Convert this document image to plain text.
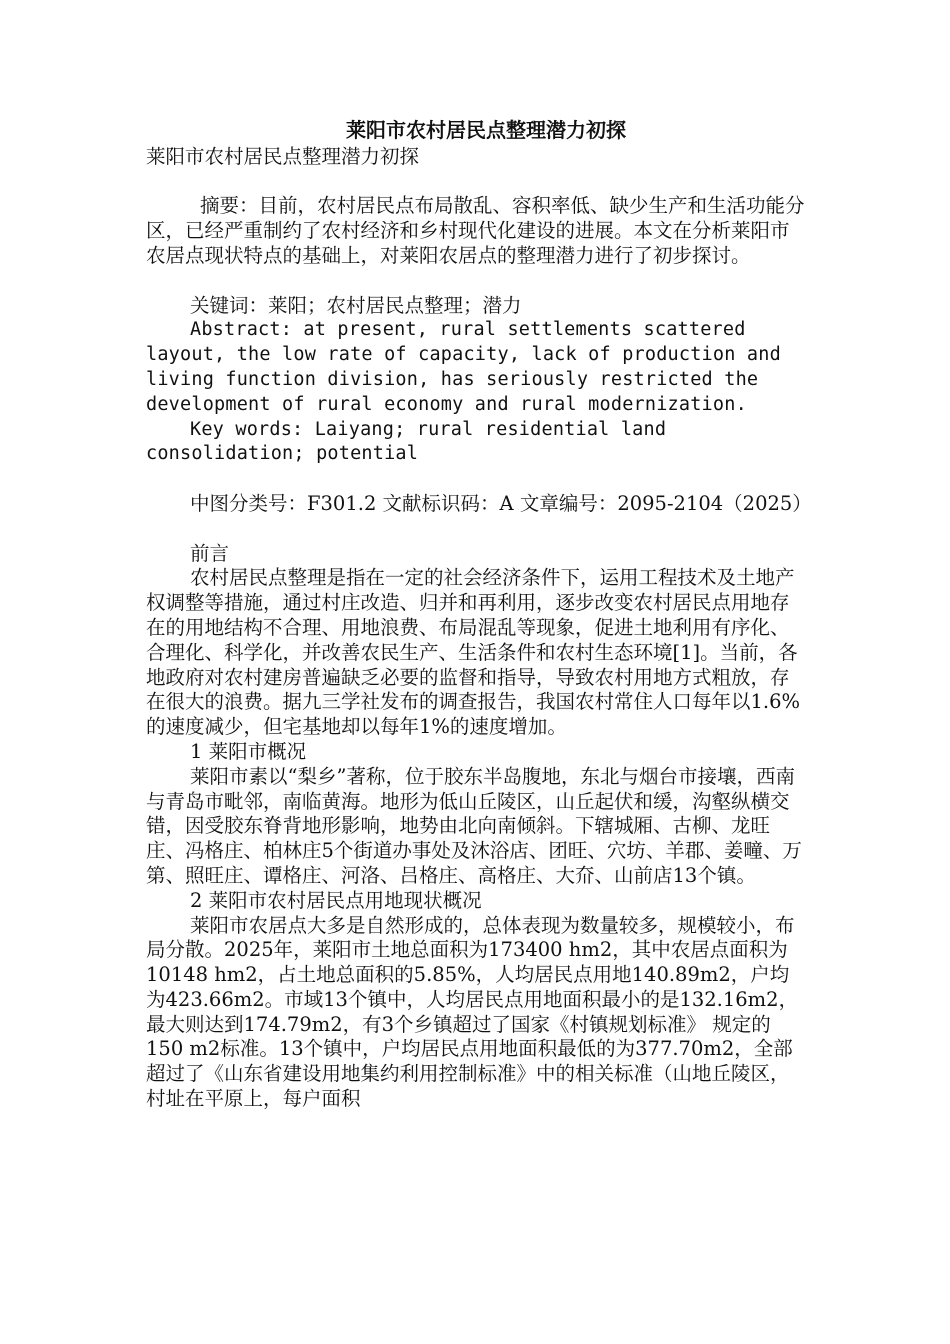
莱阳市农村居民点整理潜力初探

莱阳市农村居民点整理潜力初探

摘要：目前，农村居民点布局散乱、容积率低、缺少生产和生活功能分区，已经严重制约了农村经济和乡村现代化建设的进展。本文在分析莱阳市农居点现状特点的基础上，对莱阳农居点的整理潜力进行了初步探讨。

关键词：莱阳；农村居民点整理；潜力

Abstract: at present, rural settlements scattered layout, the low rate of capacity, lack of production and living function division, has seriously restricted the development of rural economy and rural modernization.

Key words: Laiyang; rural residential land consolidation; potential

中图分类号：F301.2 文献标识码：A 文章编号：2095-2104（2025）

前言

农村居民点整理是指在一定的社会经济条件下，运用工程技术及土地产权调整等措施，通过村庄改造、归并和再利用，逐步改变农村居民点用地存在的用地结构不合理、用地浪费、布局混乱等现象，促进土地利用有序化、合理化、科学化，并改善农民生产、生活条件和农村生态环境[1]。当前，各地政府对农村建房普遍缺乏必要的监督和指导，导致农村用地方式粗放，存在很大的浪费。据九三学社发布的调查报告，我国农村常住人口每年以1.6%的速度减少，但宅基地却以每年1%的速度增加。

1 莱阳市概况

莱阳市素以“梨乡”著称，位于胶东半岛腹地，东北与烟台市接壤，西南与青岛市毗邻，南临黄海。地形为低山丘陵区，山丘起伏和缓，沟壑纵横交错，因受胶东脊背地形影响，地势由北向南倾斜。下辖城厢、古柳、龙旺庄、冯格庄、柏林庄5个街道办事处及沐浴店、团旺、穴坊、羊郡、姜疃、万第、照旺庄、谭格庄、河洛、吕格庄、高格庄、大夼、山前店13个镇。

2 莱阳市农村居民点用地现状概况

莱阳市农居点大多是自然形成的，总体表现为数量较多，规模较小，布局分散。2025年，莱阳市土地总面积为173400 hm2，其中农居点面积为10148 hm2，占土地总面积的5.85%，人均居民点用地140.89m2，户均为423.66m2。市域13个镇中，人均居民点用地面积最小的是132.16m2，最大则达到174.79m2，有3个乡镇超过了国家《村镇规划标准》 规定的150 m2标准。13个镇中，户均居民点用地面积最低的为377.70m2，全部超过了《山东省建设用地集约利用控制标准》中的相关标准（山地丘陵区，村址在平原上，每户面积
